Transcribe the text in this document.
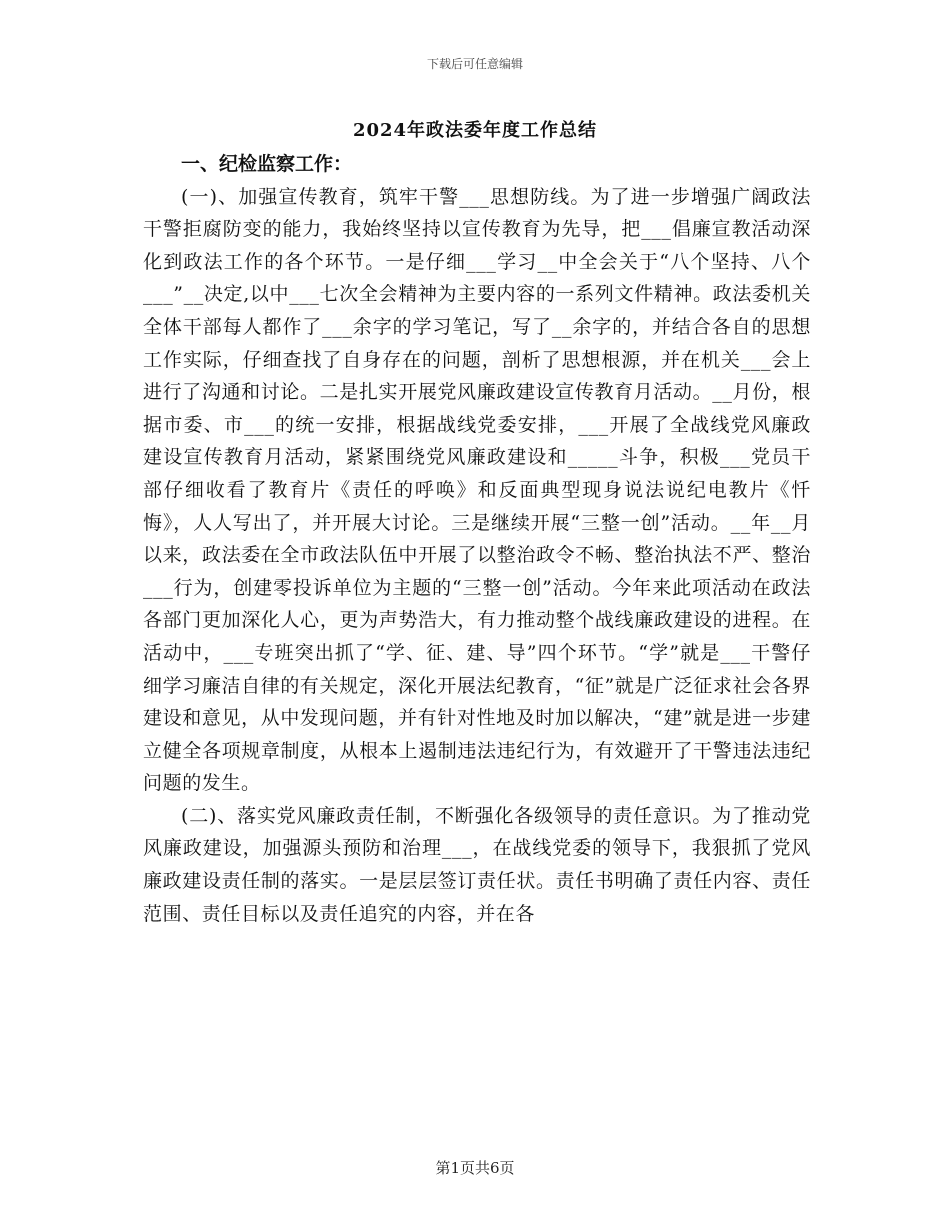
下载后可任意编辑
2024年政法委年度工作总结

一、纪检监察工作：

(一)、加强宣传教育，筑牢干警___思想防线。为了进一步增强广阔政法干警拒腐防变的能力，我始终坚持以宣传教育为先导，把___倡廉宣教活动深化到政法工作的各个环节。一是仔细___学习__中全会关于“八个坚持、八个___”__决定,以中___七次全会精神为主要内容的一系列文件精神。政法委机关全体干部每人都作了___余字的学习笔记，写了__余字的，并结合各自的思想工作实际，仔细查找了自身存在的问题，剖析了思想根源，并在机关___会上进行了沟通和讨论。二是扎实开展党风廉政建设宣传教育月活动。__月份，根据市委、市___的统一安排，根据战线党委安排，___开展了全战线党风廉政建设宣传教育月活动，紧紧围绕党风廉政建设和_____斗争，积极___党员干部仔细收看了教育片《责任的呼唤》和反面典型现身说法说纪电教片《忏悔》，人人写出了，并开展大讨论。三是继续开展“三整一创”活动。__年__月以来，政法委在全市政法队伍中开展了以整治政令不畅、整治执法不严、整治___行为，创建零投诉单位为主题的“三整一创”活动。今年来此项活动在政法各部门更加深化人心，更为声势浩大，有力推动整个战线廉政建设的进程。在活动中，___专班突出抓了“学、征、建、导”四个环节。“学”就是___干警仔细学习廉洁自律的有关规定，深化开展法纪教育，“征”就是广泛征求社会各界建设和意见，从中发现问题，并有针对性地及时加以解决，“建”就是进一步建立健全各项规章制度，从根本上遏制违法违纪行为，有效避开了干警违法违纪问题的发生。

(二)、落实党风廉政责任制，不断强化各级领导的责任意识。为了推动党风廉政建设，加强源头预防和治理___，在战线党委的领导下，我狠抓了党风廉政建设责任制的落实。一是层层签订责任状。责任书明确了责任内容、责任范围、责任目标以及责任追究的内容，并在各

第1页共6页
